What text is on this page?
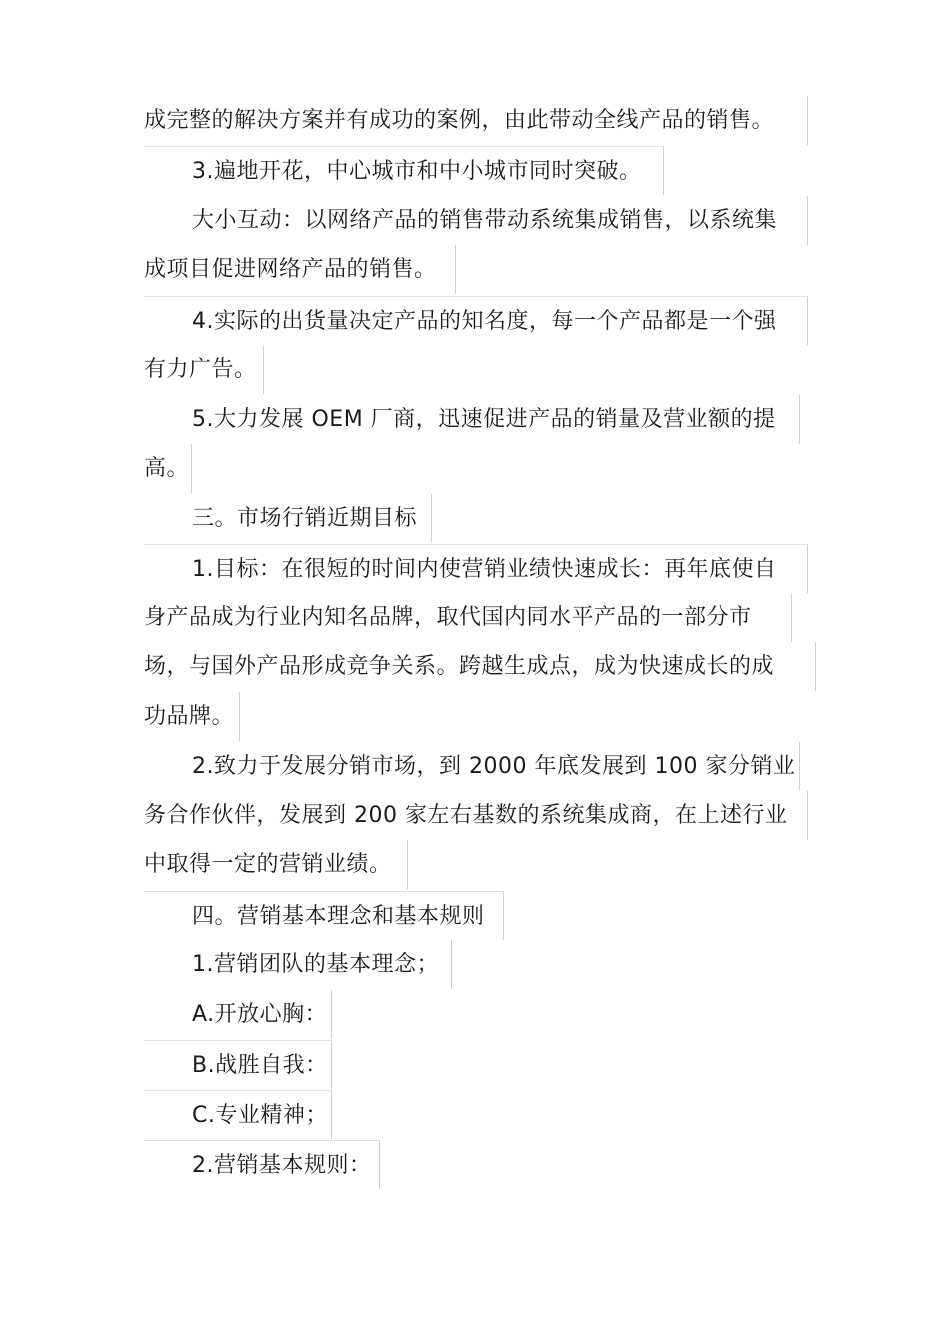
成完整的解决方案并有成功的案例，由此带动全线产品的销售。
3.遍地开花，中心城市和中小城市同时突破。
大小互动：以网络产品的销售带动系统集成销售，以系统集
成项目促进网络产品的销售。
4.实际的出货量决定产品的知名度，每一个产品都是一个强
有力广告。
5.大力发展 OEM 厂商，迅速促进产品的销量及营业额的提
高。
三。市场行销近期目标
1.目标：在很短的时间内使营销业绩快速成长：再年底使自
身产品成为行业内知名品牌，取代国内同水平产品的一部分市
场，与国外产品形成竞争关系。跨越生成点，成为快速成长的成
功品牌。
2.致力于发展分销市场，到 2000 年底发展到 100 家分销业
务合作伙伴，发展到 200 家左右基数的系统集成商，在上述行业
中取得一定的营销业绩。
四。营销基本理念和基本规则
1.营销团队的基本理念；
A.开放心胸：
B.战胜自我：
C.专业精神；
2.营销基本规则：
